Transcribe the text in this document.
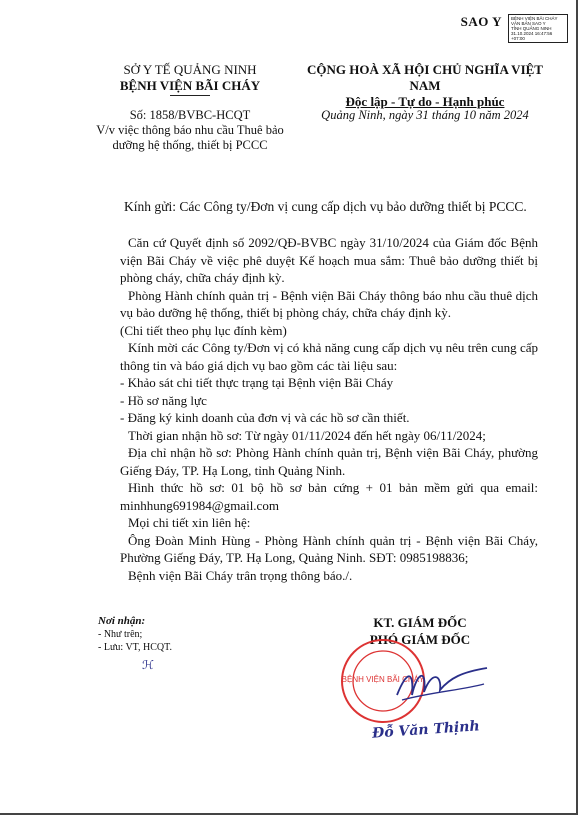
SAO Y BỆNH VIỆN BÃI CHÁY
VĂN BẢN SAO Y
TỈNH QUẢNG NINH
31.10.2024 16:47:56 +07:00
SỞ Y TẾ QUẢNG NINH
BỆNH VIỆN BÃI CHÁY
CỘNG HOÀ XÃ HỘI CHỦ NGHĨA VIỆT NAM
Độc lập - Tự do - Hạnh phúc
Số: 1858/BVBC-HCQT
V/v việc thông báo nhu cầu Thuê bảo dưỡng hệ thống, thiết bị PCCC
Quảng Ninh, ngày 31 tháng 10 năm 2024
Kính gửi: Các Công ty/Đơn vị cung cấp dịch vụ bảo dưỡng thiết bị PCCC.

Căn cứ Quyết định số 2092/QĐ-BVBC ngày 31/10/2024 của Giám đốc Bệnh viện Bãi Cháy về việc phê duyệt Kế hoạch mua sắm: Thuê bảo dưỡng thiết bị phòng cháy, chữa cháy định kỳ.

Phòng Hành chính quản trị - Bệnh viện Bãi Cháy thông báo nhu cầu thuê dịch vụ bảo dưỡng hệ thống, thiết bị phòng cháy, chữa cháy định kỳ.

(Chi tiết theo phụ lục đính kèm)

Kính mời các Công ty/Đơn vị có khả năng cung cấp dịch vụ nêu trên cung cấp thông tin và báo giá dịch vụ bao gồm các tài liệu sau:

- Khảo sát chi tiết thực trạng tại Bệnh viện Bãi Cháy

- Hồ sơ năng lực

- Đăng ký kinh doanh của đơn vị và các hồ sơ cần thiết.

Thời gian nhận hồ sơ: Từ ngày 01/11/2024 đến hết ngày 06/11/2024;

Địa chỉ nhận hồ sơ: Phòng Hành chính quản trị, Bệnh viện Bãi Cháy, phường Giếng Đáy, TP. Hạ Long, tỉnh Quảng Ninh.

Hình thức hồ sơ: 01 bộ hồ sơ bản cứng + 01 bản mềm gửi qua email: minhhung691984@gmail.com

Mọi chi tiết xin liên hệ:

Ông Đoàn Minh Hùng - Phòng Hành chính quản trị - Bệnh viện Bãi Cháy, Phường Giếng Đáy, TP. Hạ Long, Quảng Ninh. SĐT: 0985198836;

Bệnh viện Bãi Cháy trân trọng thông báo./.

Nơi nhận:
- Như trên;
- Lưu: VT, HCQT.
ℋ
KT. GIÁM ĐỐC
PHÓ GIÁM ĐỐC
BỆNH VIỆN BÃI CHÁY
Đỗ Văn Thịnh
